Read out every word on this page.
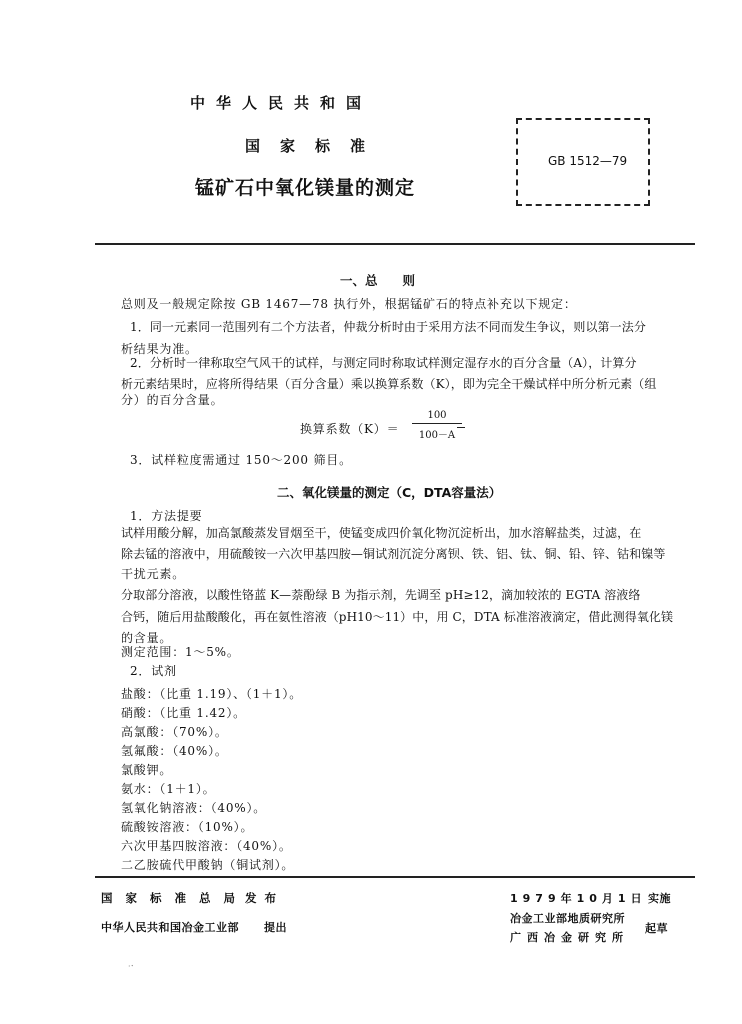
中华人民共和国
国家标准
锰矿石中氧化镁量的测定
GB 1512—79
一、总　　则
总则及一般规定除按 GB 1467—78 执行外，根据锰矿石的特点补充以下规定：
1．同一元素同一范围列有二个方法者，仲裁分析时由于采用方法不同而发生争议，则以第一法分
析结果为准。
2．分析时一律称取空气风干的试样，与测定同时称取试样测定湿存水的百分含量（A），计算分
析元素结果时，应将所得结果（百分含量）乘以换算系数（K），即为完全干燥试样中所分析元素（组
分）的百分含量。
换算系数（K）＝
100
100－A
3．试样粒度需通过 150～200 筛目。
二、氧化镁量的测定（C，DTA容量法）
1．方法提要
试样用酸分解，加高氯酸蒸发冒烟至干，使锰变成四价氧化物沉淀析出，加水溶解盐类，过滤，在
除去锰的溶液中，用硫酸铵一六次甲基四胺—铜试剂沉淀分离钡、铁、铝、钛、铜、铅、锌、钴和镍等
干扰元素。
分取部分溶液，以酸性铬蓝 K—萘酚绿 B 为指示剂，先调至 pH≥12，滴加较浓的 EGTA 溶液络
合钙，随后用盐酸酸化，再在氨性溶液（pH10～11）中，用 C，DTA 标准溶液滴定，借此测得氧化镁
的含量。
测定范围：1～5%。
2．试剂
盐酸：（比重 1.19）、（1＋1）。
硝酸：（比重 1.42）。
高氯酸：（70%）。
氢氟酸：（40%）。
氯酸钾。
氨水：（1＋1）。
氢氧化钠溶液：（40%）。
硫酸铵溶液：（10%）。
六次甲基四胺溶液：（40%）。
二乙胺硫代甲酸钠（铜试剂）。
国家标准总局
发布	1979年10月1日 实施
中华人民共和国冶金工业部 提出
冶金工业部地质研究所
广西冶金研究所
起草
·⠂
